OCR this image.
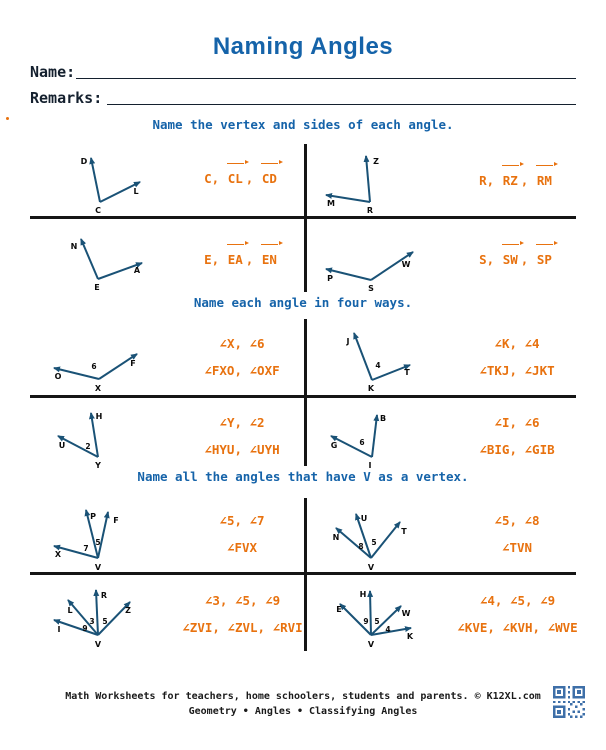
Naming Angles
Name:
Remarks:
Name the vertex and sides of each angle.
Name each angle in four ways.
Name all the angles that have V as a vertex.
D
L
C
Z
M
R
N
A
E
W
P
S
O
F
X
6
J
T
K
4
H
U
Y
2
B
G
I
6
P F
X
V
7
5
U
N
T
V
8 5
R
L
I
Z
V
9
3 5
H
E	W
K
V
9 5
4
C, CL , CD	R, RZ , RM
E, EA , EN	S, SW , SP
∠X, ∠6
∠FXO, ∠OXF
∠K, ∠4
∠TKJ, ∠JKT
∠Y, ∠2
∠HYU, ∠UYH
∠I, ∠6
∠BIG, ∠GIB
∠5, ∠7
∠FVX
∠5, ∠8
∠TVN
∠3, ∠5, ∠9
∠ZVI, ∠ZVL, ∠RVI
∠4, ∠5, ∠9
∠KVE, ∠KVH, ∠WVE
Math Worksheets for teachers, home schoolers, students and parents. © K12XL.com
Geometry • Angles • Classifying Angles
